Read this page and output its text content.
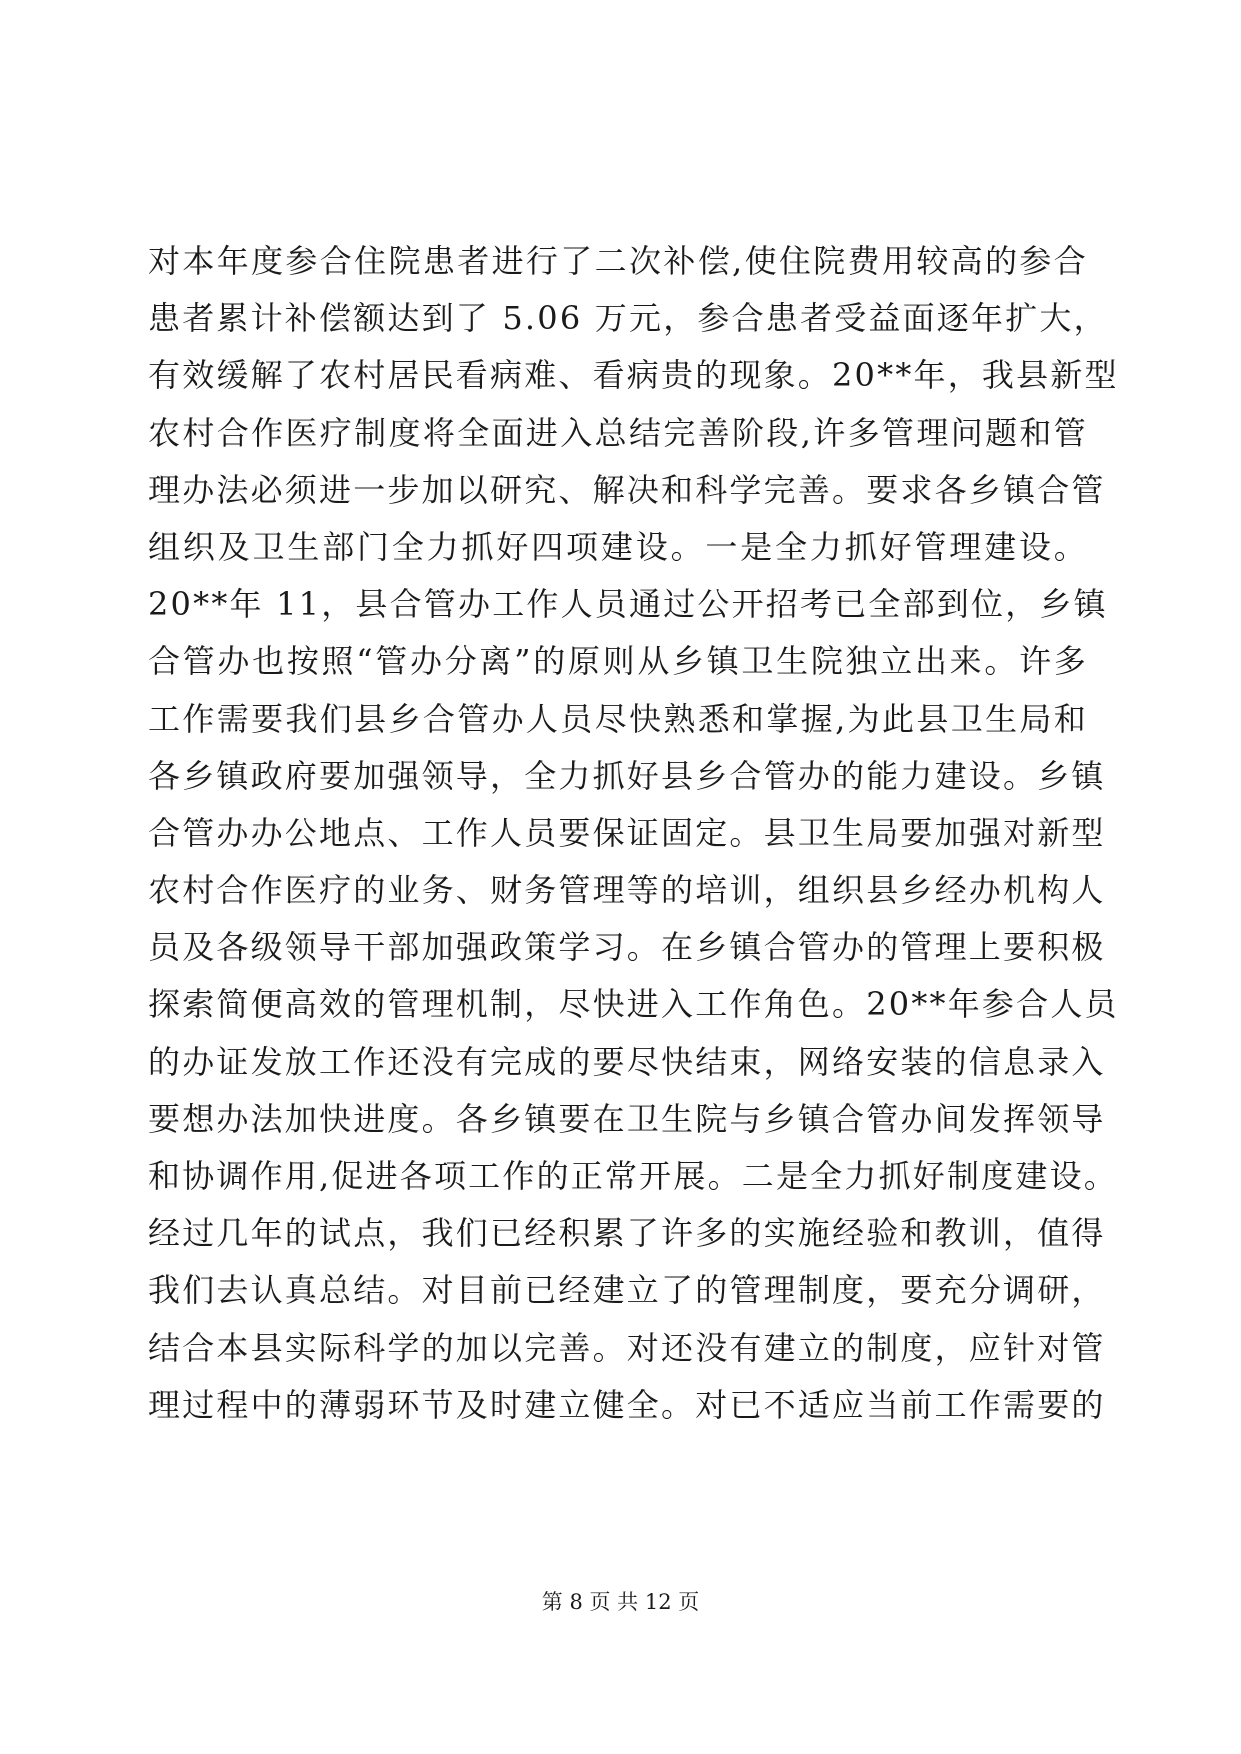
对本年度参合住院患者进行了二次补偿,使住院费用较高的参合
患者累计补偿额达到了 5.06 万元，参合患者受益面逐年扩大，
有效缓解了农村居民看病难、看病贵的现象。20**年，我县新型
农村合作医疗制度将全面进入总结完善阶段,许多管理问题和管
理办法必须进一步加以研究、解决和科学完善。要求各乡镇合管
组织及卫生部门全力抓好四项建设。一是全力抓好管理建设。
20**年 11，县合管办工作人员通过公开招考已全部到位，乡镇
合管办也按照“管办分离”的原则从乡镇卫生院独立出来。许多
工作需要我们县乡合管办人员尽快熟悉和掌握,为此县卫生局和
各乡镇政府要加强领导，全力抓好县乡合管办的能力建设。乡镇
合管办办公地点、工作人员要保证固定。县卫生局要加强对新型
农村合作医疗的业务、财务管理等的培训，组织县乡经办机构人
员及各级领导干部加强政策学习。在乡镇合管办的管理上要积极
探索简便高效的管理机制，尽快进入工作角色。20**年参合人员
的办证发放工作还没有完成的要尽快结束，网络安装的信息录入
要想办法加快进度。各乡镇要在卫生院与乡镇合管办间发挥领导
和协调作用,促进各项工作的正常开展。二是全力抓好制度建设。
经过几年的试点，我们已经积累了许多的实施经验和教训，值得
我们去认真总结。对目前已经建立了的管理制度，要充分调研，
结合本县实际科学的加以完善。对还没有建立的制度，应针对管
理过程中的薄弱环节及时建立健全。对已不适应当前工作需要的
第 8 页 共 12 页
